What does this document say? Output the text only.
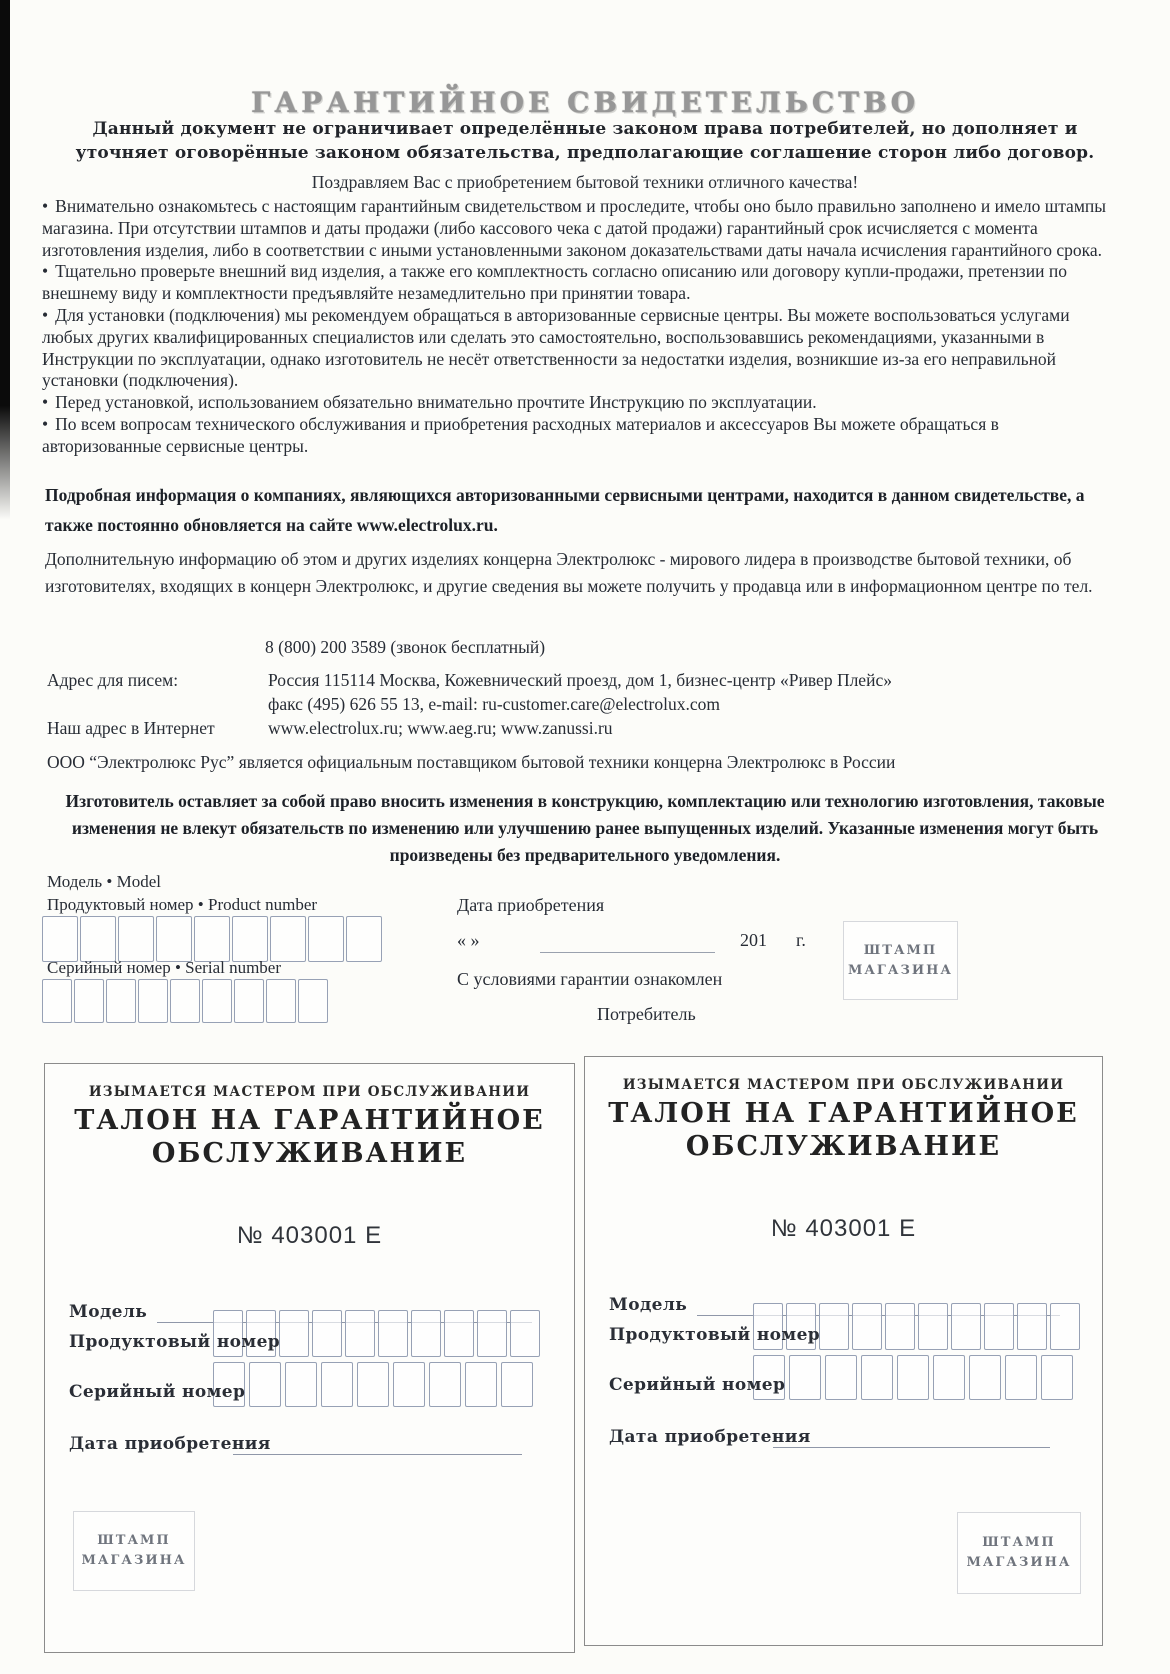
ГАРАНТИЙНОЕ СВИДЕТЕЛЬСТВО
Данный документ не ограничивает определённые законом права потребителей, но дополняет и уточняет оговорённые законом обязательства, предполагающие соглашение сторон либо договор.
Поздравляем Вас с приобретением бытовой техники отличного качества!

• Внимательно ознакомьтесь с настоящим гарантийным свидетельством и проследите, чтобы оно было правильно заполнено и имело штампы магазина. При отсутствии штампов и даты продажи (либо кассового чека с датой продажи) гарантийный срок исчисляется с момента изготовления изделия, либо в соответствии с иными установленными законом доказательствами даты начала исчисления гарантийного срока.

• Тщательно проверьте внешний вид изделия, а также его комплектность согласно описанию или договору купли-продажи, претензии по внешнему виду и комплектности предъявляйте незамедлительно при принятии товара.

• Для установки (подключения) мы рекомендуем обращаться в авторизованные сервисные центры. Вы можете воспользоваться услугами любых других квалифицированных специалистов или сделать это самостоятельно, воспользовавшись рекомендациями, указанными в Инструкции по эксплуатации, однако изготовитель не несёт ответственности за недостатки изделия, возникшие из-за его неправильной установки (подключения).

• Перед установкой, использованием обязательно внимательно прочтите Инструкцию по эксплуатации.

• По всем вопросам технического обслуживания и приобретения расходных материалов и аксессуаров Вы можете обращаться в авторизованные сервисные центры.

Подробная информация о компаниях, являющихся авторизованными сервисными центрами, находится в данном свидетельстве, а также постоянно обновляется на сайте www.electrolux.ru.
Дополнительную информацию об этом и других изделиях концерна Электролюкс - мирового лидера в производстве бытовой техники, об изготовителях, входящих в концерн Электролюкс, и другие сведения вы можете получить у продавца или в информационном центре по тел.
8 (800) 200 3589 (звонок бесплатный)
Адрес для писем:	Россия 115114 Москва, Кожевнический проезд, дом 1, бизнес-центр «Ривер Плейс»
факс (495) 626 55 13, e-mail: ru-customer.care@electrolux.com
Наш адрес в Интернет	www.electrolux.ru; www.aeg.ru; www.zanussi.ru
ООО “Электролюкс Рус” является официальным поставщиком бытовой техники концерна Электролюкс в России
Изготовитель оставляет за собой право вносить изменения в конструкцию, комплектацию или технологию изготовления, таковые изменения не влекут обязательств по изменению или улучшению ранее выпущенных изделий. Указанные изменения могут быть произведены без предварительного уведомления.
Модель • Model
Продуктовый номер • Product number
Серийный номер • Serial number
Дата приобретения
« »	201 г.
С условиями гарантии ознакомлен
Потребитель
ШТАМП
МАГАЗИНА
ИЗЫМАЕТСЯ МАСТЕРОМ ПРИ ОБСЛУЖИВАНИИ
ТАЛОН НА ГАРАНТИЙНОЕ
ОБСЛУЖИВАНИЕ
№ 403001 E
Модель
Продуктовый номер
Серийный номер
Дата приобретения
ШТАМП
МАГАЗИНА
ИЗЫМАЕТСЯ МАСТЕРОМ ПРИ ОБСЛУЖИВАНИИ
ТАЛОН НА ГАРАНТИЙНОЕ
ОБСЛУЖИВАНИЕ
№ 403001 E
Модель
Продуктовый номер
Серийный номер
Дата приобретения
ШТАМП
МАГАЗИНА
